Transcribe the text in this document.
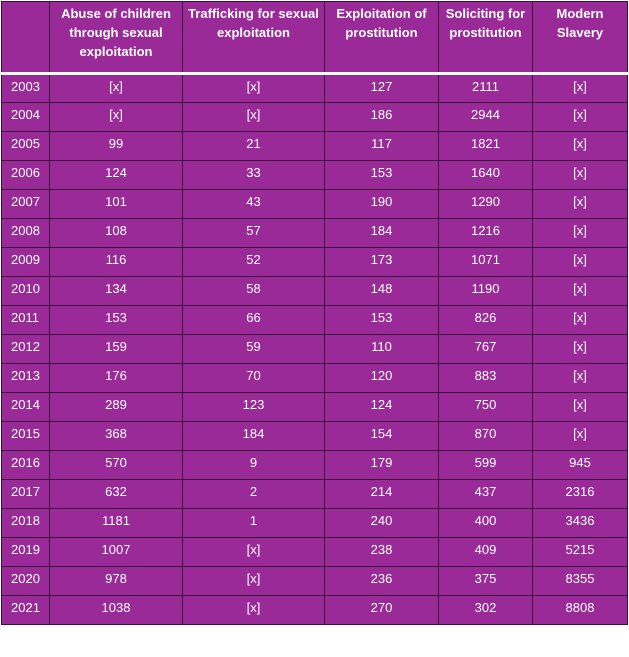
	Abuse of children through sexual exploitation	Trafficking for sexual exploitation	Exploitation of prostitution	Soliciting for prostitution	Modern Slavery
2003	[x]	[x]	127	2111	[x]
2004	[x]	[x]	186	2944	[x]
2005	99	21	117	1821	[x]
2006	124	33	153	1640	[x]
2007	101	43	190	1290	[x]
2008	108	57	184	1216	[x]
2009	116	52	173	1071	[x]
2010	134	58	148	1190	[x]
2011	153	66	153	826	[x]
2012	159	59	110	767	[x]
2013	176	70	120	883	[x]
2014	289	123	124	750	[x]
2015	368	184	154	870	[x]
2016	570	9	179	599	945
2017	632	2	214	437	2316
2018	1181	1	240	400	3436
2019	1007	[x]	238	409	5215
2020	978	[x]	236	375	8355
2021	1038	[x]	270	302	8808
